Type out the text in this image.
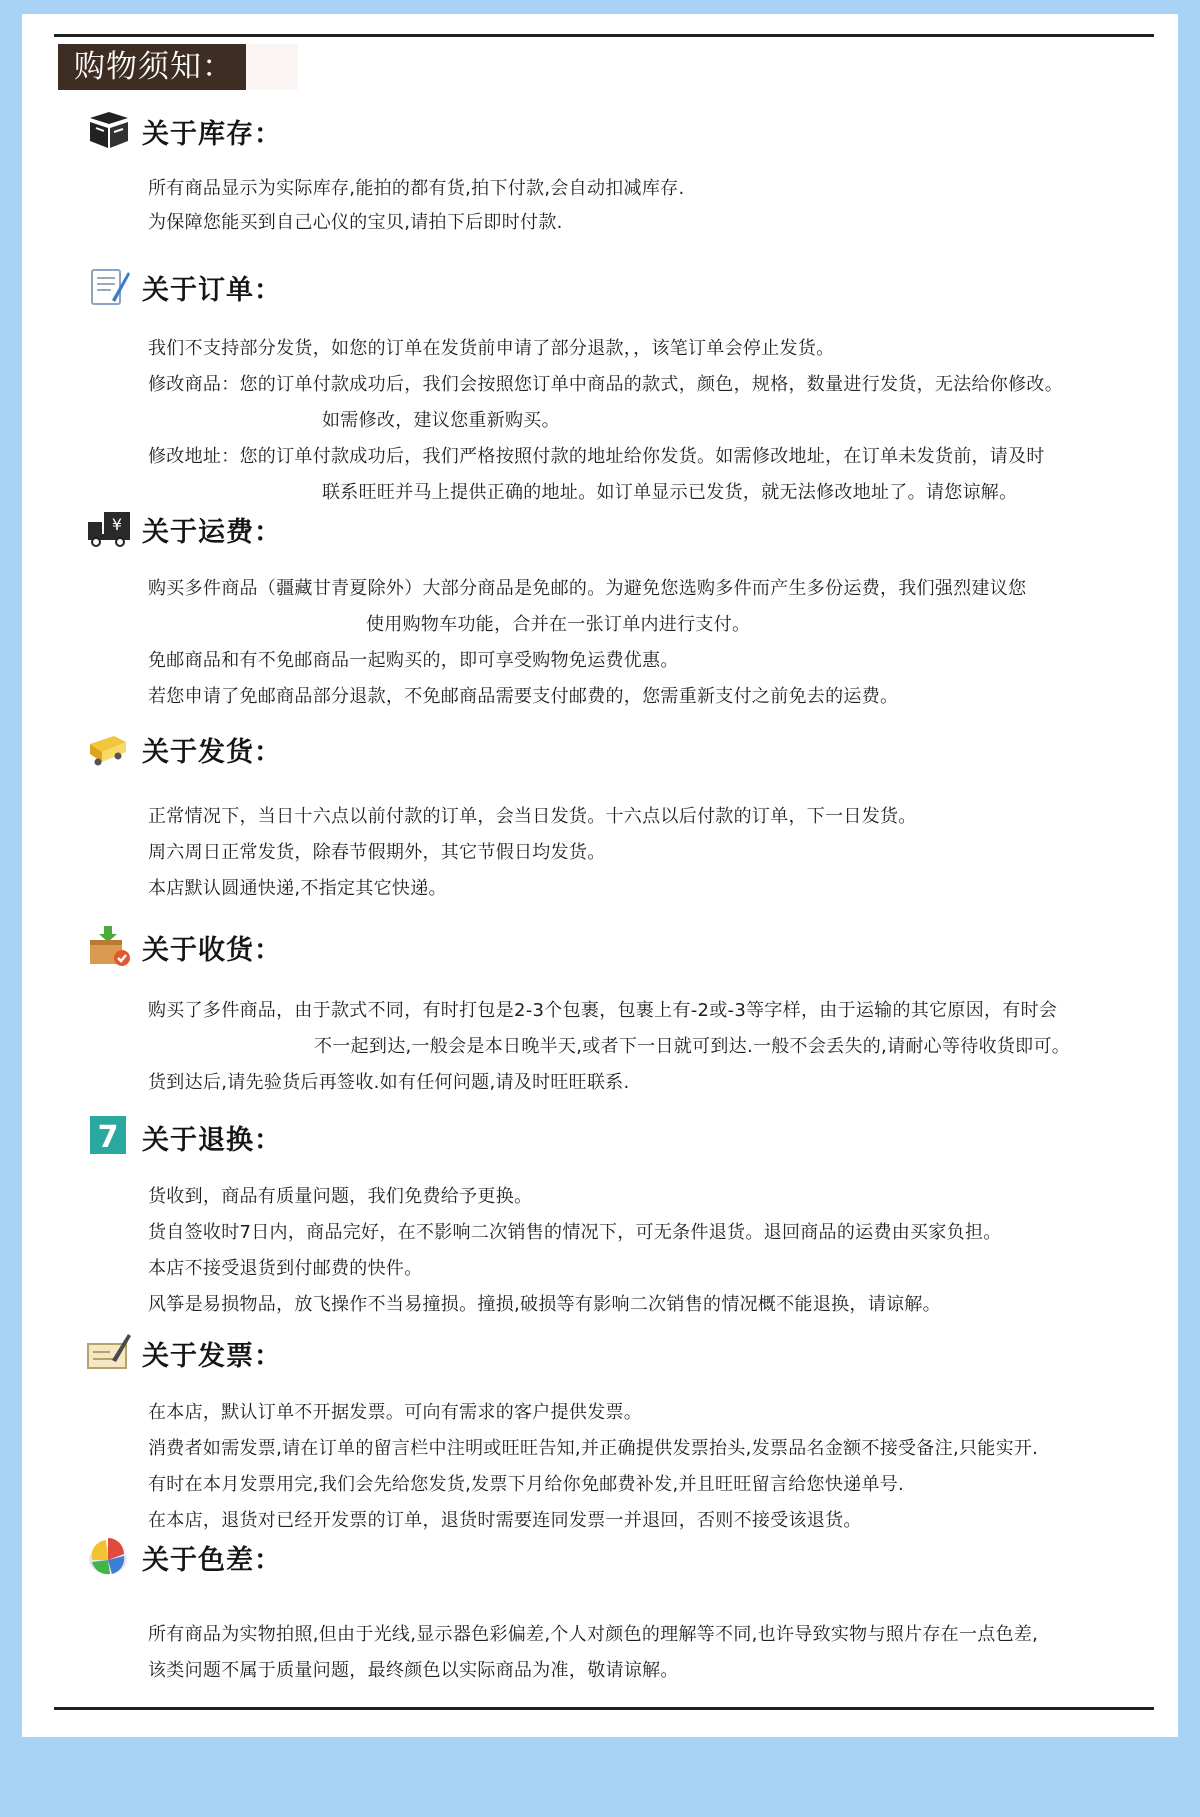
购物须知：
关于库存：
所有商品显示为实际库存,能拍的都有货,拍下付款,会自动扣减库存.
为保障您能买到自己心仪的宝贝,请拍下后即时付款.
关于订单：
我们不支持部分发货，如您的订单在发货前申请了部分退款，，该笔订单会停止发货。
修改商品：您的订单付款成功后，我们会按照您订单中商品的款式，颜色，规格，数量进行发货，无法给你修改。
如需修改，建议您重新购买。
修改地址：您的订单付款成功后，我们严格按照付款的地址给你发货。如需修改地址，在订单未发货前，请及时
联系旺旺并马上提供正确的地址。如订单显示已发货，就无法修改地址了。请您谅解。
¥ 关于运费：
购买多件商品（疆藏甘青夏除外）大部分商品是免邮的。为避免您选购多件而产生多份运费，我们强烈建议您
使用购物车功能，合并在一张订单内进行支付。
免邮商品和有不免邮商品一起购买的，即可享受购物免运费优惠。
若您申请了免邮商品部分退款，不免邮商品需要支付邮费的，您需重新支付之前免去的运费。
关于发货：
正常情况下，当日十六点以前付款的订单，会当日发货。十六点以后付款的订单，下一日发货。
周六周日正常发货，除春节假期外，其它节假日均发货。
本店默认圆通快递,不指定其它快递。
关于收货：
购买了多件商品，由于款式不同，有时打包是2-3个包裹，包裹上有-2或-3等字样，由于运输的其它原因，有时会
不一起到达,一般会是本日晚半天,或者下一日就可到达.一般不会丢失的,请耐心等待收货即可。
货到达后,请先验货后再签收.如有任何问题,请及时旺旺联系.
7 关于退换：
货收到，商品有质量问题，我们免费给予更换。
货自签收时7日内，商品完好，在不影响二次销售的情况下，可无条件退货。退回商品的运费由买家负担。
本店不接受退货到付邮费的快件。
风筝是易损物品，放飞操作不当易撞损。撞损,破损等有影响二次销售的情况概不能退换，请谅解。
关于发票：
在本店，默认订单不开据发票。可向有需求的客户提供发票。
消费者如需发票,请在订单的留言栏中注明或旺旺告知,并正确提供发票抬头,发票品名金额不接受备注,只能实开.
有时在本月发票用完,我们会先给您发货,发票下月给你免邮费补发,并且旺旺留言给您快递单号.
在本店，退货对已经开发票的订单，退货时需要连同发票一并退回，否则不接受该退货。
关于色差：
所有商品为实物拍照,但由于光线,显示器色彩偏差,个人对颜色的理解等不同,也许导致实物与照片存在一点色差,
该类问题不属于质量问题，最终颜色以实际商品为准，敬请谅解。
